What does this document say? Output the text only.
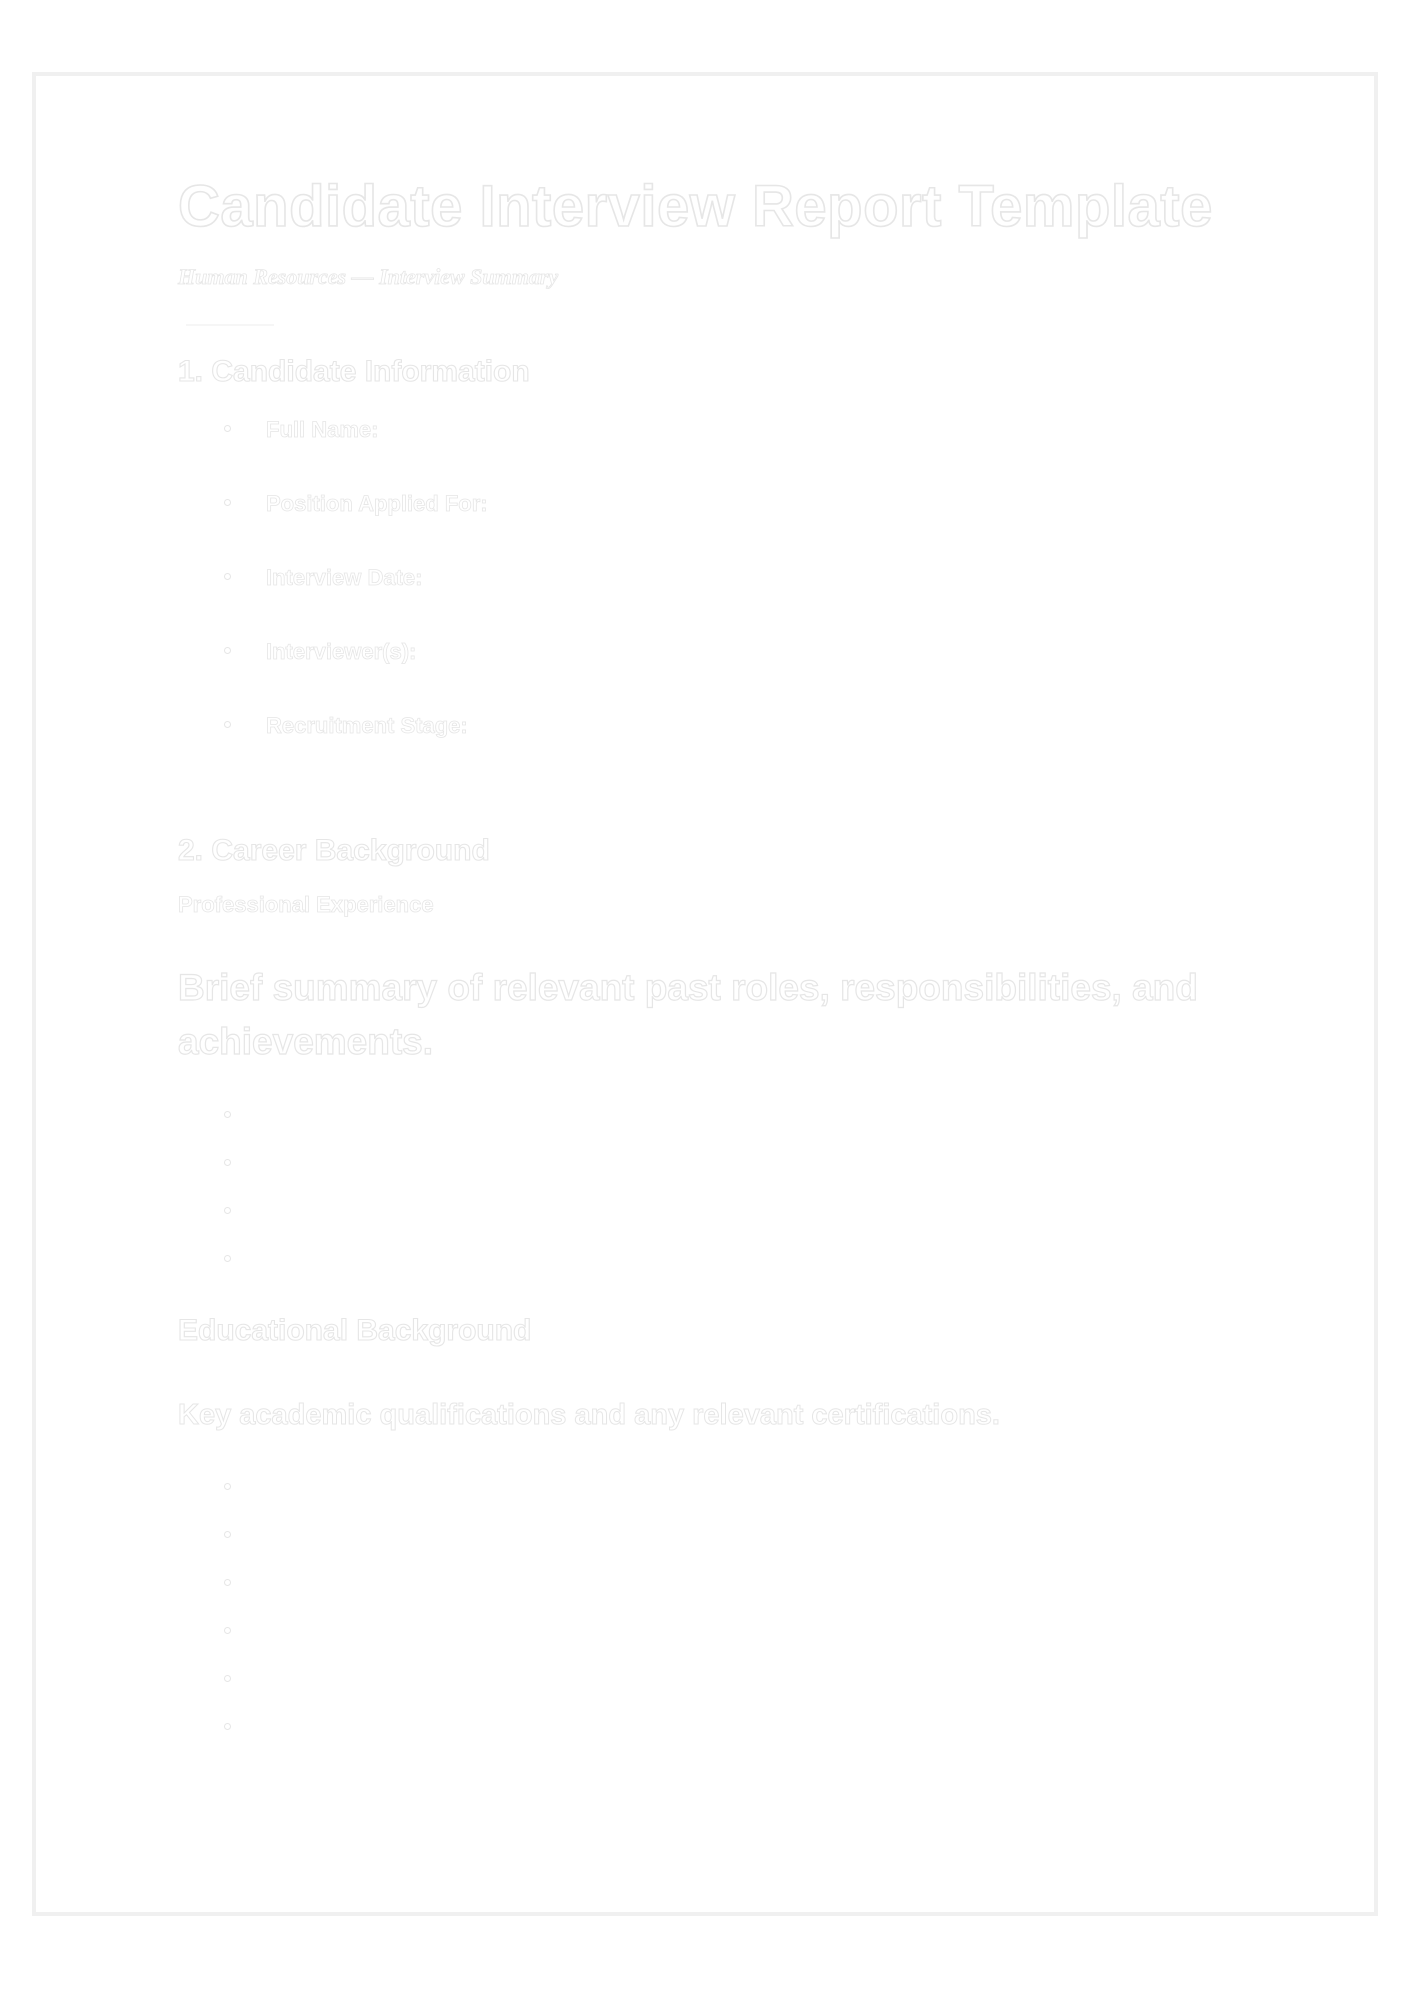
Candidate Interview Report Template
Human Resources — Interview Summary
1. Candidate Information
Full Name:
Position Applied For:
Interview Date:
Interviewer(s):
Recruitment Stage:
2. Career Background
Professional Experience

Brief summary of relevant past roles, responsibilities, and achievements.

Educational Background

Key academic qualifications and any relevant certifications.
